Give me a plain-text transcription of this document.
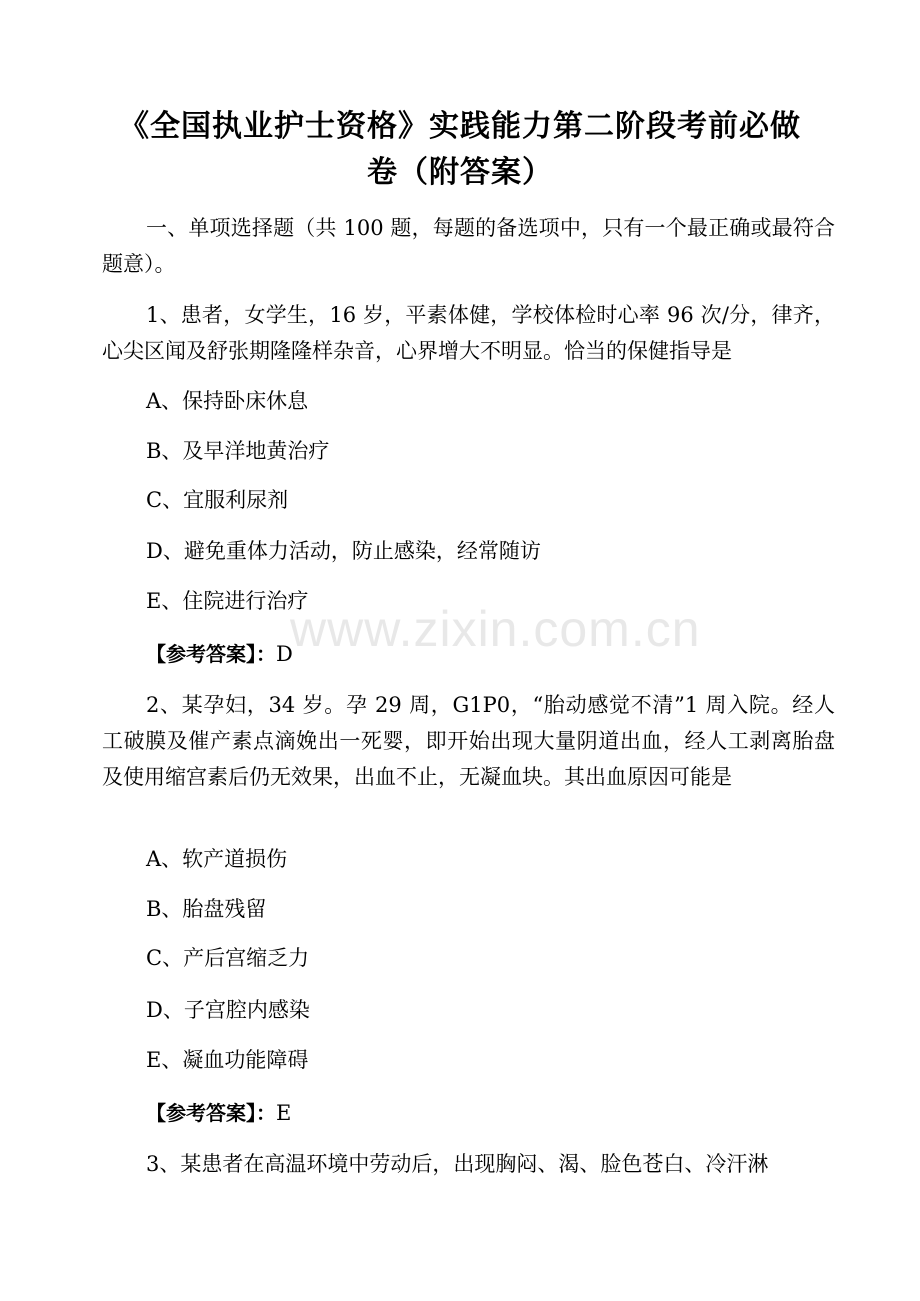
《全国执业护士资格》实践能力第二阶段考前必做
卷（附答案）
一、单项选择题（共 100 题，每题的备选项中，只有一个最正确或最符合题意）。
1、患者，女学生，16 岁，平素体健，学校体检时心率 96 次/分，律齐，心尖区闻及舒张期隆隆样杂音，心界增大不明显。恰当的保健指导是
A、保持卧床休息
B、及早洋地黄治疗
C、宜服利尿剂
D、避免重体力活动，防止感染，经常随访
E、住院进行治疗
【参考答案】：D
2、某孕妇，34 岁。孕 29 周，G1P0，“胎动感觉不清”1 周入院。经人工破膜及催产素点滴娩出一死婴，即开始出现大量阴道出血，经人工剥离胎盘及使用缩宫素后仍无效果，出血不止，无凝血块。其出血原因可能是
A、软产道损伤
B、胎盘残留
C、产后宫缩乏力
D、子宫腔内感染
E、凝血功能障碍
【参考答案】：E
3、某患者在高温环境中劳动后，出现胸闷、渴、脸色苍白、冷汗淋
www.zixin.com.cn
